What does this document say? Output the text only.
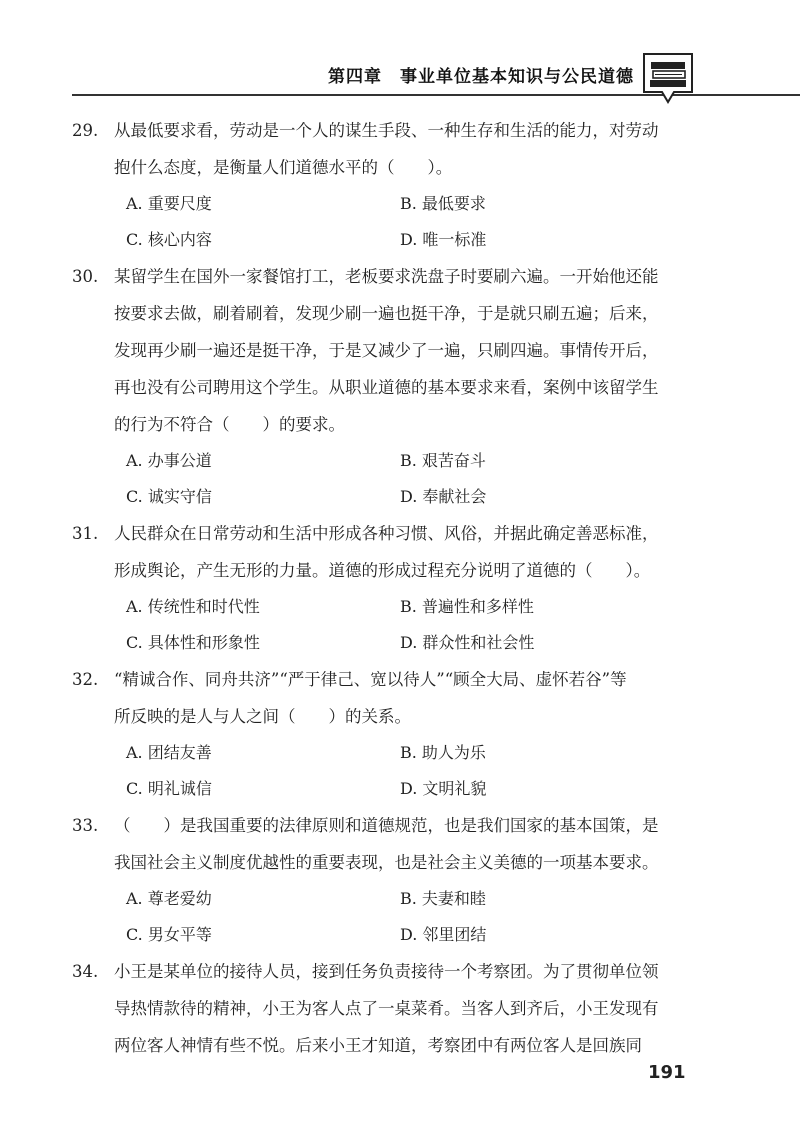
第四章　事业单位基本知识与公民道德
29. 从最低要求看，劳动是一个人的谋生手段、一种生存和生活的能力，对劳动
抱什么态度，是衡量人们道德水平的（　　）。
A. 重要尺度	B. 最低要求
C. 核心内容	D. 唯一标准
30. 某留学生在国外一家餐馆打工，老板要求洗盘子时要刷六遍。一开始他还能
按要求去做，刷着刷着，发现少刷一遍也挺干净，于是就只刷五遍；后来，
发现再少刷一遍还是挺干净，于是又减少了一遍，只刷四遍。事情传开后，
再也没有公司聘用这个学生。从职业道德的基本要求来看，案例中该留学生
的行为不符合（　　）的要求。
A. 办事公道	B. 艰苦奋斗
C. 诚实守信	D. 奉献社会
31. 人民群众在日常劳动和生活中形成各种习惯、风俗，并据此确定善恶标准，
形成舆论，产生无形的力量。道德的形成过程充分说明了道德的（　　）。
A. 传统性和时代性	B. 普遍性和多样性
C. 具体性和形象性	D. 群众性和社会性
32. “精诚合作、同舟共济”“严于律己、宽以待人”“顾全大局、虚怀若谷”等
所反映的是人与人之间（　　）的关系。
A. 团结友善	B. 助人为乐
C. 明礼诚信	D. 文明礼貌
33. （　　）是我国重要的法律原则和道德规范，也是我们国家的基本国策，是
我国社会主义制度优越性的重要表现，也是社会主义美德的一项基本要求。
A. 尊老爱幼	B. 夫妻和睦
C. 男女平等	D. 邻里团结
34. 小王是某单位的接待人员，接到任务负责接待一个考察团。为了贯彻单位领
导热情款待的精神，小王为客人点了一桌菜肴。当客人到齐后，小王发现有
两位客人神情有些不悦。后来小王才知道，考察团中有两位客人是回族同
191
